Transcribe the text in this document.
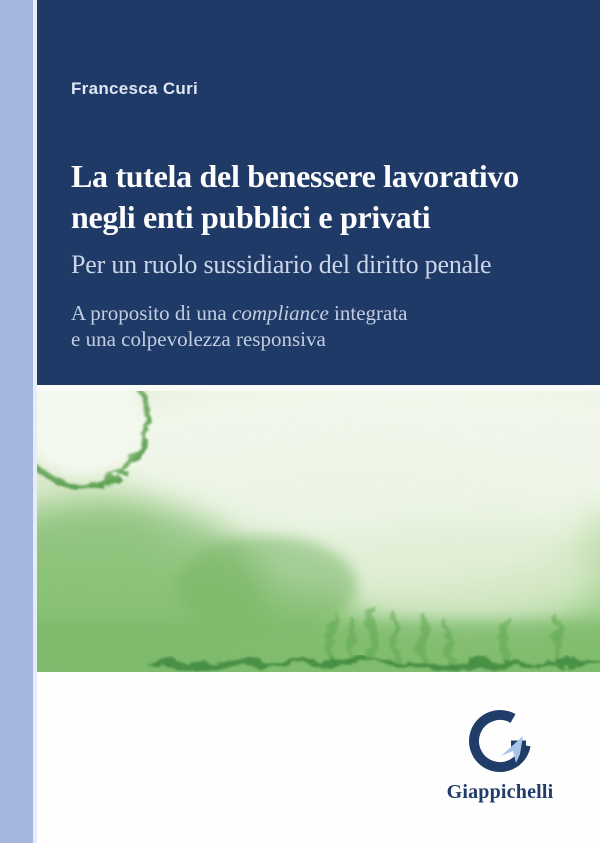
Francesca Curi
La tutela del benessere lavorativo
negli enti pubblici e privati
Per un ruolo sussidiario del diritto penale
A proposito di una compliance integrata
e una colpevolezza responsiva
Giappichelli
